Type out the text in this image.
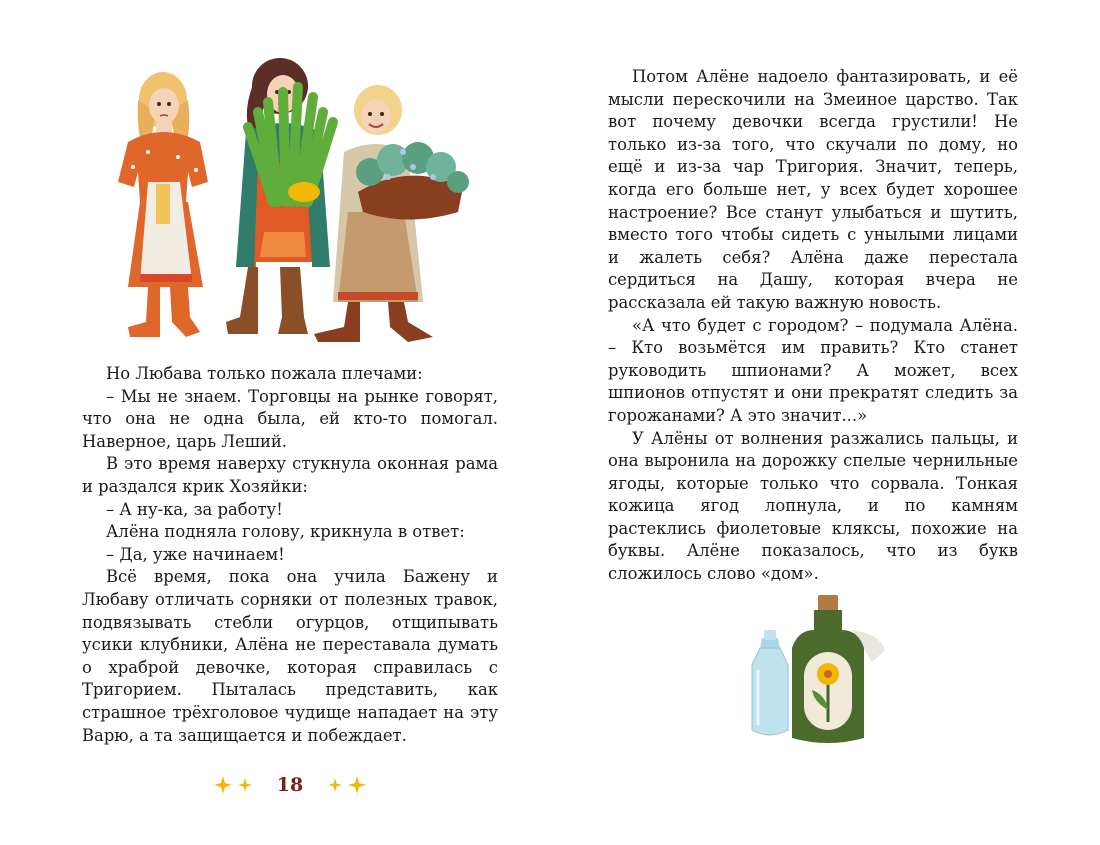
Но Любава только пожала плечами:

– Мы не знаем. Торговцы на рынке говорят, что она не одна была, ей кто-то помогал. Наверное, царь Леший.

В это время наверху стукнула оконная рама и раздался крик Хозяйки:

– А ну-ка, за работу!

Алёна подняла голову, крикнула в ответ:

– Да, уже начинаем!

Всё время, пока она учила Бажену и Любаву отличать сорняки от полезных травок, подвязывать стебли огурцов, отщипывать усики клубники, Алёна не переставала думать о храброй девочке, которая справилась с Тригорием. Пыталась представить, как страшное трёхголовое чудище нападает на эту Варю, а та защищается и побеждает.

18

Потом Алёне надоело фантазировать, и её мысли перескочили на Змеиное царство. Так вот почему девочки всегда грустили! Не только из-за того, что скучали по дому, но ещё и из-за чар Тригория. Значит, теперь, когда его больше нет, у всех будет хорошее настроение? Все станут улыбаться и шутить, вместо того чтобы сидеть с унылыми лицами и жалеть себя? Алёна даже перестала сердиться на Дашу, которая вчера не рассказала ей такую важную новость.

«А что будет с городом? – подумала Алёна. – Кто возьмётся им править? Кто станет руководить шпионами? А может, всех шпионов отпустят и они прекратят следить за горожанами? А это значит...»

У Алёны от волнения разжались пальцы, и она выронила на дорожку спелые чернильные ягоды, которые только что сорвала. Тонкая кожица ягод лопнула, и по камням растеклись фиолетовые кляксы, похожие на буквы. Алёне показалось, что из букв сложилось слово «дом».
